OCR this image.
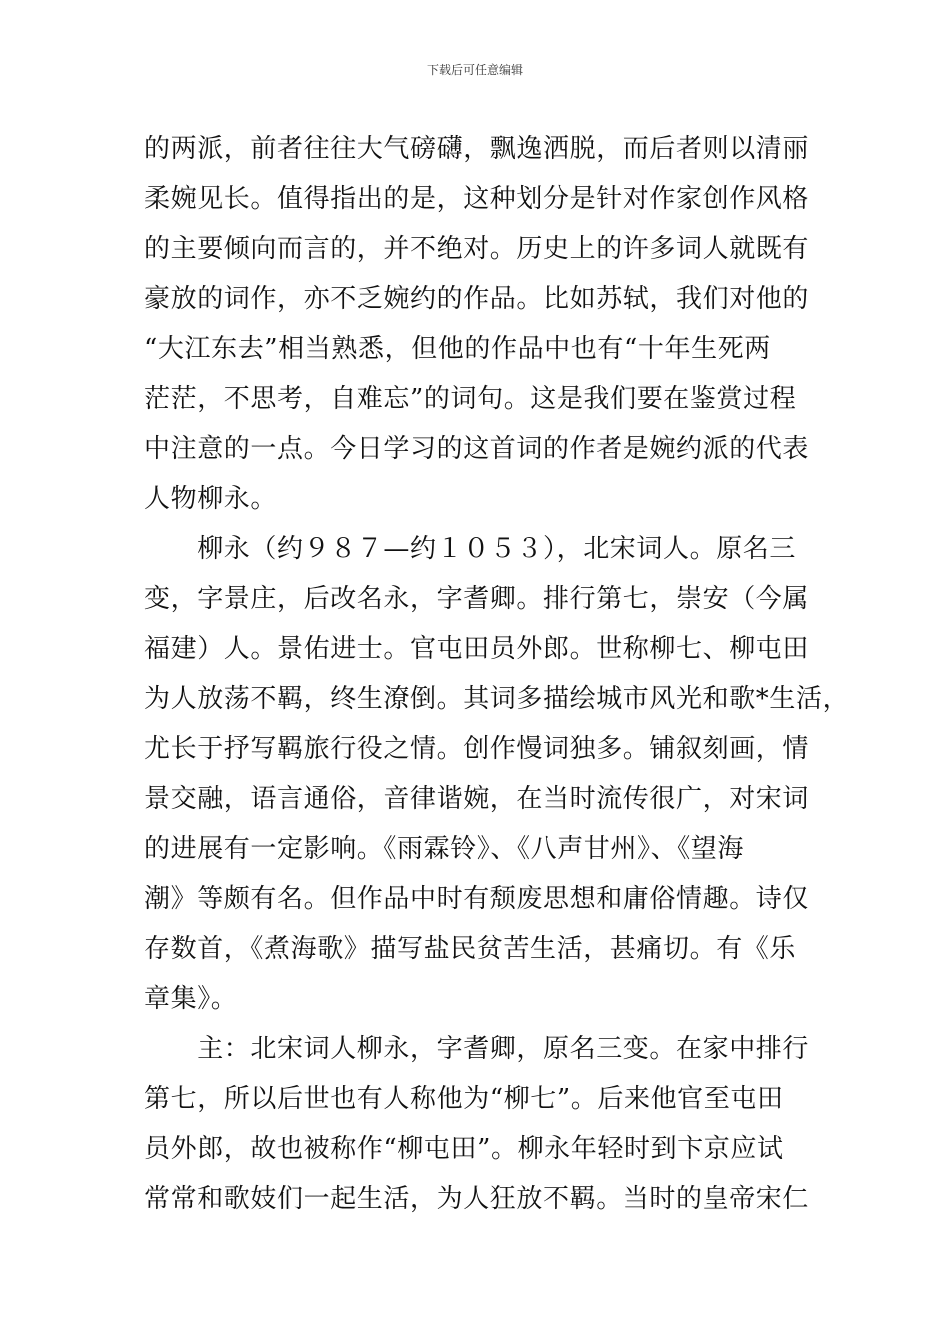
下载后可任意编辑
的两派，前者往往大气磅礴，飘逸洒脱，而后者则以清丽
柔婉见长。值得指出的是，这种划分是针对作家创作风格
的主要倾向而言的，并不绝对。历史上的许多词人就既有
豪放的词作，亦不乏婉约的作品。比如苏轼，我们对他的
“大江东去”相当熟悉，但他的作品中也有“十年生死两
茫茫，不思考，自难忘”的词句。这是我们要在鉴赏过程
中注意的一点。今日学习的这首词的作者是婉约派的代表
人物柳永。
　　柳永（约９８７—约１０５３），北宋词人。原名三
变，字景庄，后改名永，字耆卿。排行第七，崇安（今属
福建）人。景佑进士。官屯田员外郎。世称柳七、柳屯田
为人放荡不羁，终生潦倒。其词多描绘城市风光和歌*生活，
尤长于抒写羁旅行役之情。创作慢词独多。铺叙刻画，情
景交融，语言通俗，音律谐婉，在当时流传很广，对宋词
的进展有一定影响。《雨霖铃》、《八声甘州》、《望海
潮》等颇有名。但作品中时有颓废思想和庸俗情趣。诗仅
存数首，《煮海歌》描写盐民贫苦生活，甚痛切。有《乐
章集》。
　　主：北宋词人柳永，字耆卿，原名三变。在家中排行
第七，所以后世也有人称他为“柳七”。后来他官至屯田
员外郎，故也被称作“柳屯田”。柳永年轻时到卞京应试
常常和歌妓们一起生活，为人狂放不羁。当时的皇帝宋仁
